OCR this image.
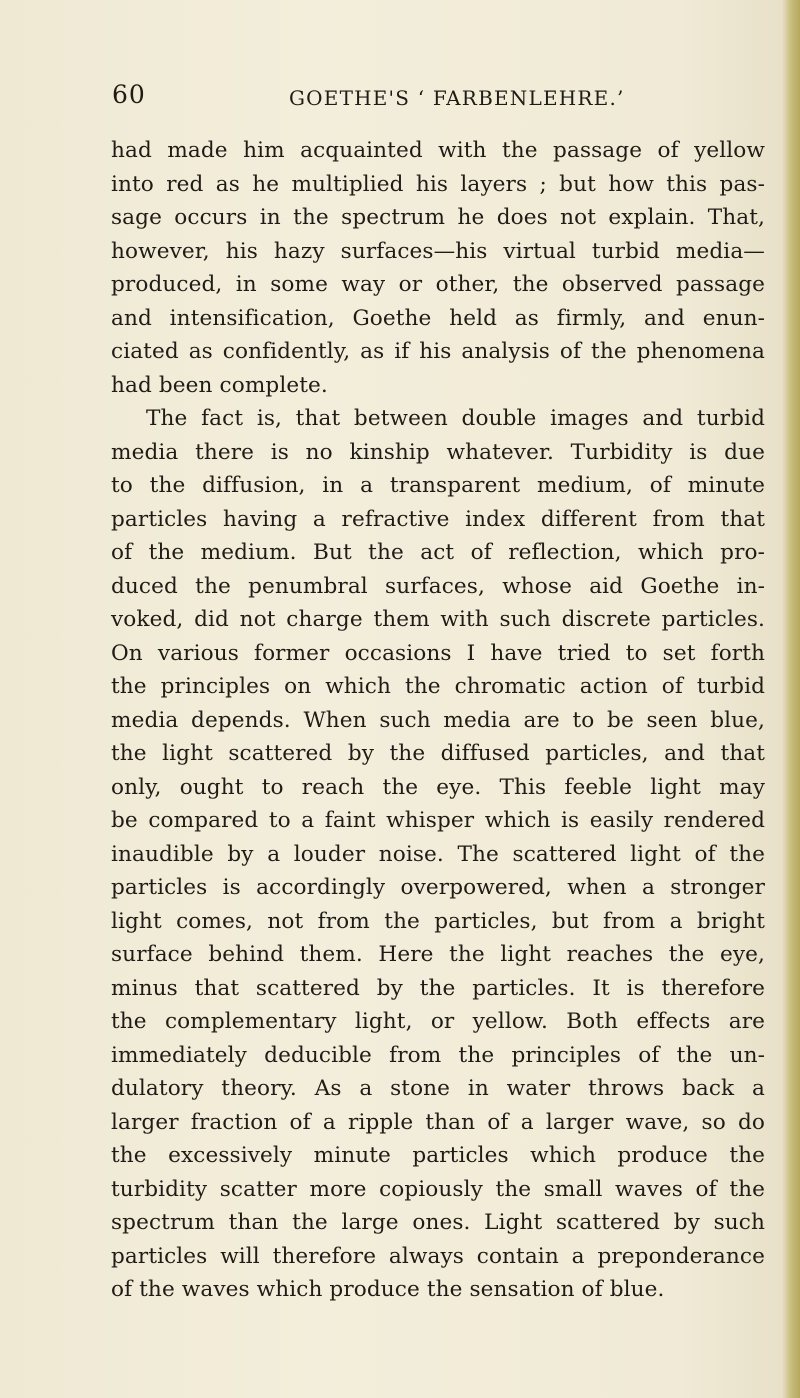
60	GOETHE'S ‘ FARBENLEHRE.’
had made him acquainted with the passage of yellow
into red as he multiplied his layers ; but how this pas-
sage occurs in the spectrum he does not explain. That,
however, his hazy surfaces—his virtual turbid media—
produced, in some way or other, the observed passage
and intensification, Goethe held as firmly, and enun-
ciated as confidently, as if his analysis of the phenomena
had been complete.
The fact is, that between double images and turbid
media there is no kinship whatever. Turbidity is due
to the diffusion, in a transparent medium, of minute
particles having a refractive index different from that
of the medium. But the act of reflection, which pro-
duced the penumbral surfaces, whose aid Goethe in-
voked, did not charge them with such discrete particles.
On various former occasions I have tried to set forth
the principles on which the chromatic action of turbid
media depends. When such media are to be seen blue,
the light scattered by the diffused particles, and that
only, ought to reach the eye. This feeble light may
be compared to a faint whisper which is easily rendered
inaudible by a louder noise. The scattered light of the
particles is accordingly overpowered, when a stronger
light comes, not from the particles, but from a bright
surface behind them. Here the light reaches the eye,
minus that scattered by the particles. It is therefore
the complementary light, or yellow. Both effects are
immediately deducible from the principles of the un-
dulatory theory. As a stone in water throws back a
larger fraction of a ripple than of a larger wave, so do
the excessively minute particles which produce the
turbidity scatter more copiously the small waves of the
spectrum than the large ones. Light scattered by such
particles will therefore always contain a preponderance
of the waves which produce the sensation of blue.
